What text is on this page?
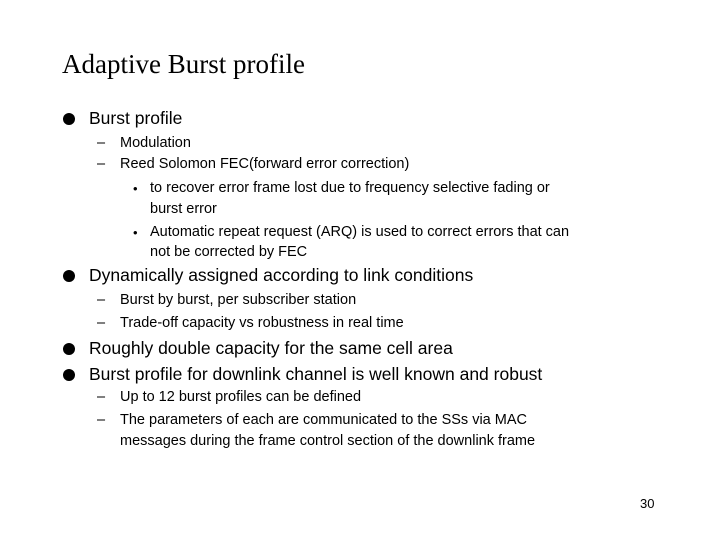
Adaptive Burst profile
Burst profile
– Modulation
– Reed Solomon FEC(forward error correction)
• to recover error frame lost due to frequency selective fading or
burst error
• Automatic repeat request (ARQ) is used to correct errors that can
not be corrected by FEC
Dynamically assigned according to link conditions
– Burst by burst, per subscriber station
– Trade-off capacity vs robustness in real time
Roughly double capacity for the same cell area
Burst profile for downlink channel is well known and robust
– Up to 12 burst profiles can be defined
– The parameters of each are communicated to the SSs via MAC
messages during the frame control section of the downlink frame
30
